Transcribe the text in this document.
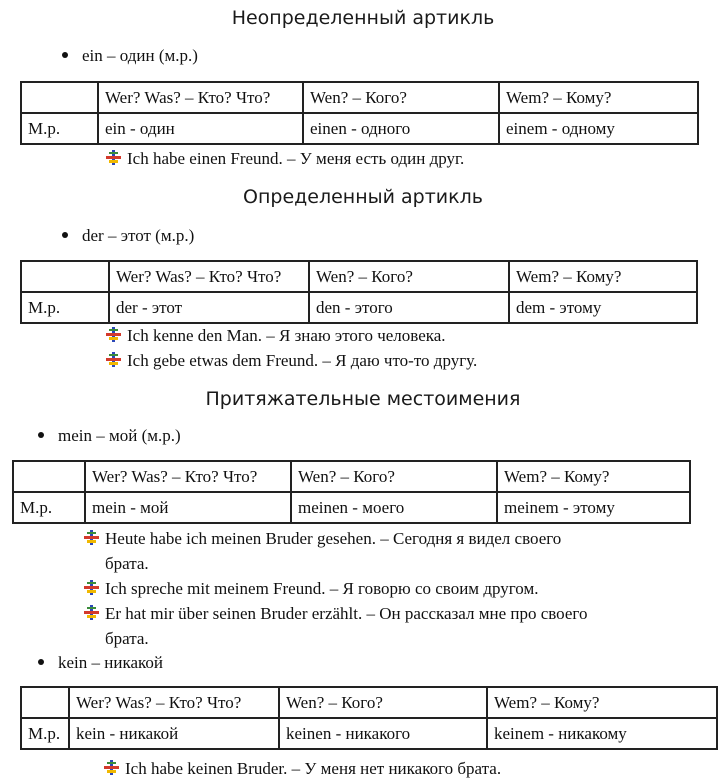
Неопределенный артикль
ein – один (м.р.)
	Wer? Was? – Кто? Что?	Wen? – Кого?	Wem? – Кому?
М.р.	ein - один	einen - одного	einem - одному
Ich habe einen Freund. – У меня есть один друг.
Определенный артикль
der – этот (м.р.)
	Wer? Was? – Кто? Что?	Wen? – Кого?	Wem? – Кому?
М.р.	der - этот	den - этого	dem - этому
Ich kenne den Man. – Я знаю этого человека.
Ich gebe etwas dem Freund. – Я даю что-то другу.
Притяжательные местоимения
mein – мой (м.р.)
	Wer? Was? – Кто? Что?	Wen? – Кого?	Wem? – Кому?
М.р.	mein - мой	meinen - моего	meinem - этому
Heute habe ich meinen Bruder gesehen. – Сегодня я видел своего
брата.
Ich spreche mit meinem Freund. – Я говорю со своим другом.
Er hat mir über seinen Bruder erzählt. – Он рассказал мне про своего
брата.
kein – никакой
	Wer? Was? – Кто? Что?	Wen? – Кого?	Wem? – Кому?
М.р.	kein - никакой	keinen - никакого	keinem - никакому
Ich habe keinen Bruder. – У меня нет никакого брата.
